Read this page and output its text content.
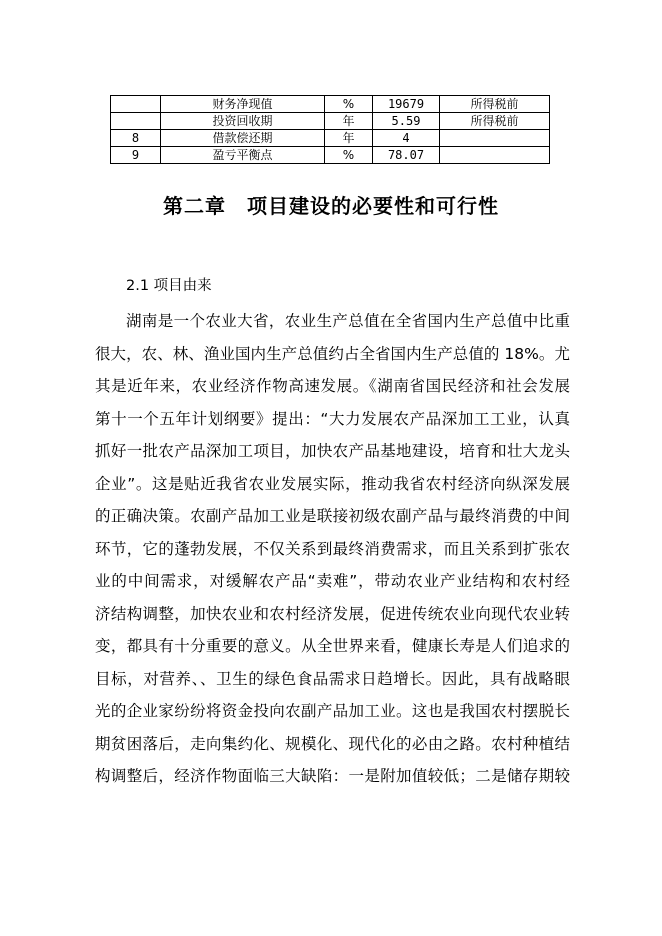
	财务净现值	%	19679	所得税前
	投资回收期	年	5.59	所得税前
8	借款偿还期	年	4	
9	盈亏平衡点	%	78.07	
第二章　项目建设的必要性和可行性
2.1 项目由来
湖南是一个农业大省，农业生产总值在全省国内生产总值中比重
很大，农、林、渔业国内生产总值约占全省国内生产总值的 18%。尤
其是近年来，农业经济作物高速发展。《湖南省国民经济和社会发展
第十一个五年计划纲要》提出：“大力发展农产品深加工工业，认真
抓好一批农产品深加工项目，加快农产品基地建设，培育和壮大龙头
企业”。这是贴近我省农业发展实际，推动我省农村经济向纵深发展
的正确决策。农副产品加工业是联接初级农副产品与最终消费的中间
环节，它的蓬勃发展，不仅关系到最终消费需求，而且关系到扩张农
业的中间需求，对缓解农产品“卖难”，带动农业产业结构和农村经
济结构调整，加快农业和农村经济发展，促进传统农业向现代农业转
变，都具有十分重要的意义。从全世界来看，健康长寿是人们追求的
目标，对营养、、卫生的绿色食品需求日趋增长。因此，具有战略眼
光的企业家纷纷将资金投向农副产品加工业。这也是我国农村摆脱长
期贫困落后，走向集约化、规模化、现代化的必由之路。农村种植结
构调整后，经济作物面临三大缺陷：一是附加值较低；二是储存期较
